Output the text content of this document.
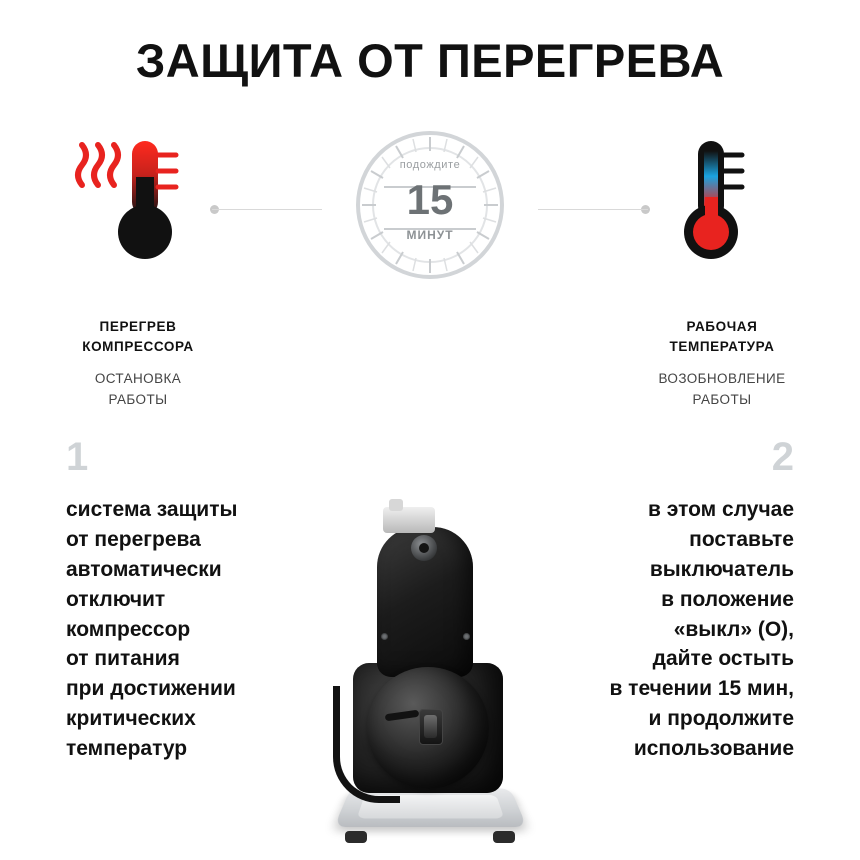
ЗАЩИТА ОТ ПЕРЕГРЕВА
подождите
15
МИНУТ
ПЕРЕГРЕВ
КОМПРЕССОРА
ОСТАНОВКА
РАБОТЫ
РАБОЧАЯ
ТЕМПЕРАТУРА
ВОЗОБНОВЛЕНИЕ
РАБОТЫ
1
система защиты
от перегрева
автоматически
отключит
компрессор
от питания
при достижении
критических
температур
2
в этом случае
поставьте
выключатель
в положение
«выкл» (O),
дайте остыть
в течении 15 мин,
и продолжите
использование
